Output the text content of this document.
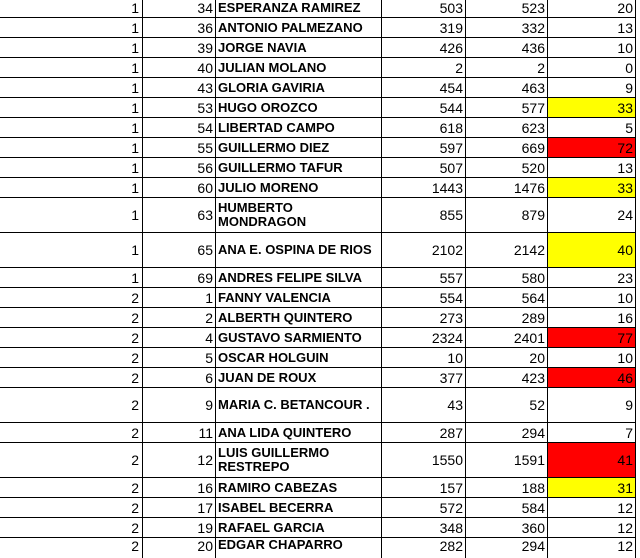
1	34 ESPERANZA RAMIREZ	503	523	20
1	36 ANTONIO PALMEZANO	319	332	13
1	39 JORGE NAVIA	426	436	10
1	40 JULIAN MOLANO	2	2	0
1	43 GLORIA GAVIRIA	454	463	9
1	53 HUGO OROZCO	544	577	33
1	54 LIBERTAD CAMPO	618	623	5
1	55 GUILLERMO DIEZ	597	669	72
1	56 GUILLERMO TAFUR	507	520	13
1	60 JULIO MORENO	1443	1476	33
1	63 HUMBERTO MONDRAGON	855	879	24
1	65 ANA E. OSPINA DE RIOS	2102	2142	40
1	69 ANDRES FELIPE SILVA	557	580	23
2	1 FANNY VALENCIA	554	564	10
2	2 ALBERTH QUINTERO	273	289	16
2	4 GUSTAVO SARMIENTO	2324	2401	77
2	5 OSCAR HOLGUIN	10	20	10
2	6 JUAN DE ROUX	377	423	46
2	9 MARIA C. BETANCOUR .	43	52	9
2	11 ANA LIDA QUINTERO	287	294	7
2	12 LUIS GUILLERMO RESTREPO	1550	1591	41
2	16 RAMIRO CABEZAS	157	188	31
2	17 ISABEL BECERRA	572	584	12
2	19 RAFAEL GARCIA	348	360	12
2	20 EDGAR CHAPARRO	282	294	12
